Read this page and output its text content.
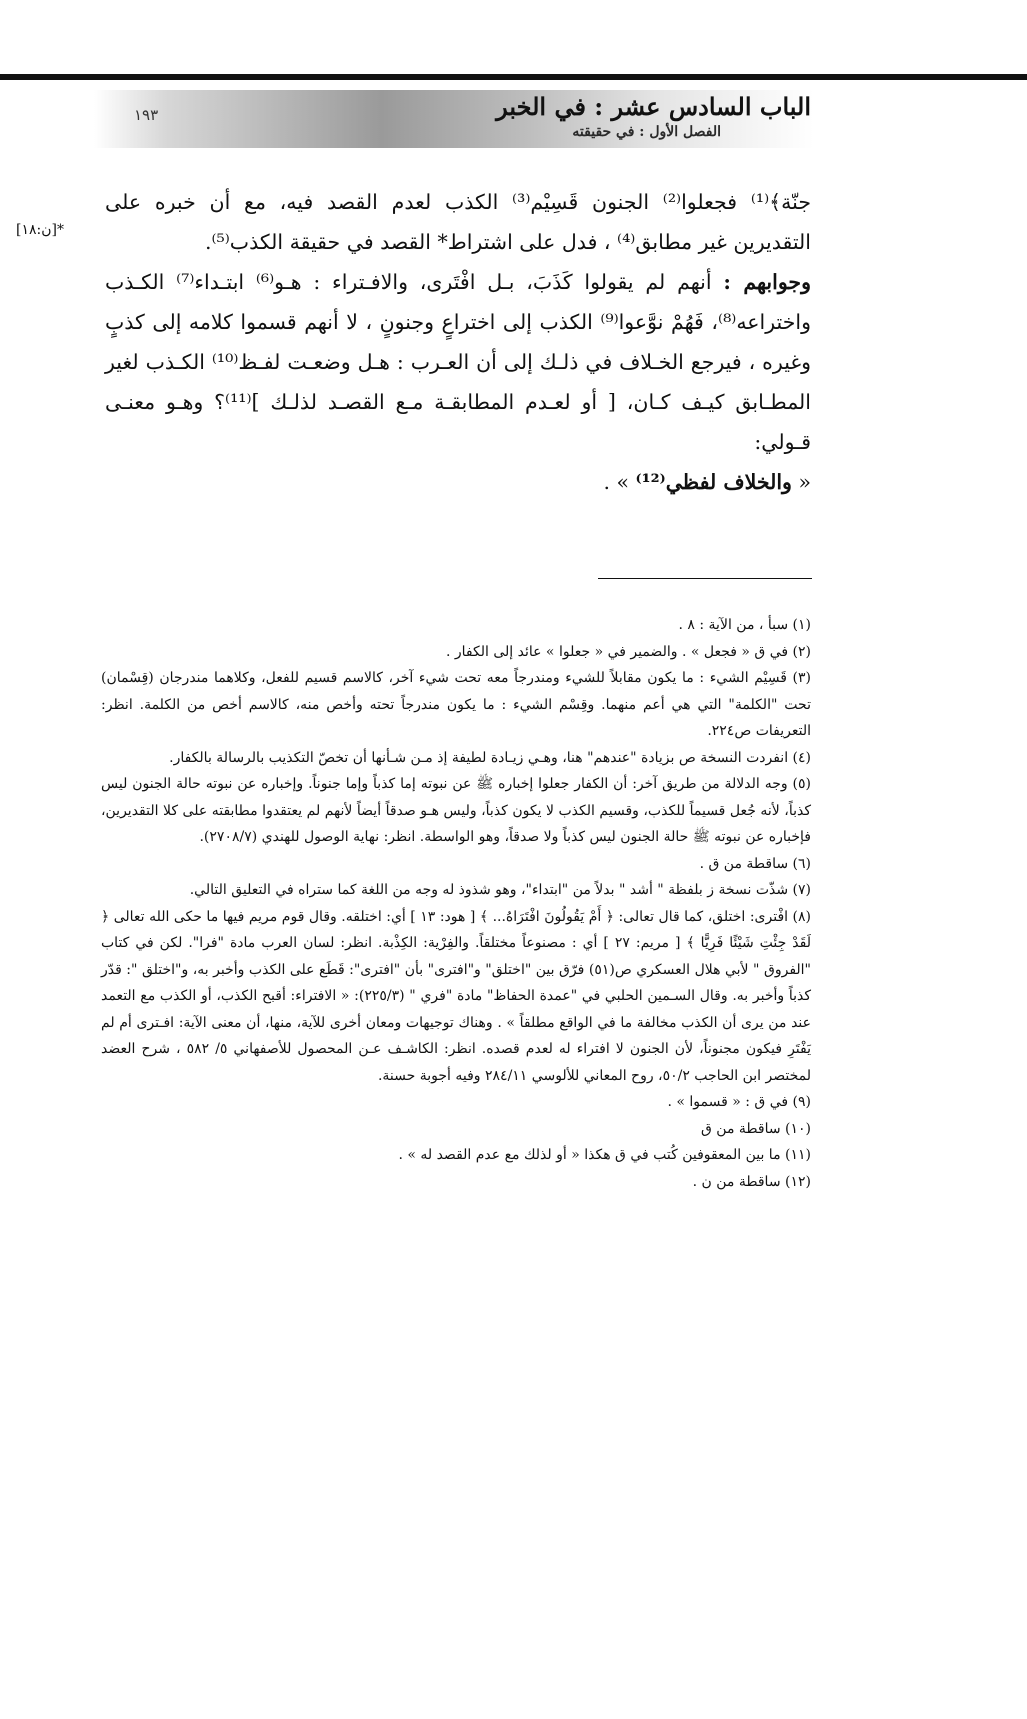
الباب السادس عشر : في الخبر
الفصل الأول : في حقيقته
١٩٣
*[ن:١٨]

جنّة﴾⁽¹⁾ فجعلوا⁽²⁾ الجنون قَسِيْم⁽³⁾ الكذب لعدم القصد فيه، مع أن خبره على التقديرين غير مطابق⁽⁴⁾ ، فدل على اشتراط* القصد في حقيقة الكذب⁽⁵⁾.

وجوابهم : أنهم لم يقولوا كَذَبَ، بـل افْتَرى، والافـتراء : هـو⁽⁶⁾ ابتـداء⁽⁷⁾ الكـذب واختراعه⁽⁸⁾، فَهُمْ نوَّعوا⁽⁹⁾ الكذب إلى اختراعٍ وجنونٍ ، لا أنهم قسموا كلامه إلى كذبٍ وغيره ، فيرجع الخـلاف في ذلـك إلى أن العـرب : هـل وضعـت لفـظ⁽¹⁰⁾ الكـذب لغير المطـابق كيـف كـان، [ أو لعـدم المطابقـة مـع القصـد لذلـك ]⁽¹¹⁾؟ وهـو معنـى قـولي:

« والخلاف لفظي⁽¹²⁾ » .

(١) سبأ ، من الآية : ٨ .

(٢) في ق « فجعل » . والضمير في « جعلوا » عائد إلى الكفار .

(٣) قَسِيْم الشيء : ما يكون مقابلاً للشيء ومندرجاً معه تحت شيء آخر، كالاسم قسيم للفعل، وكلاهما مندرجان (قِسْمان) تحت "الكلمة" التي هي أعم منهما. وقِسْم الشيء : ما يكون مندرجاً تحته وأخص منه، كالاسم أخص من الكلمة. انظر: التعريفات ص٢٢٤.

(٤) انفردت النسخة ص بزيادة "عندهم" هنا، وهـي زيـادة لطيفة إذ مـن شـأنها أن تخصّ التكذيب بالرسالة بالكفار.

(٥) وجه الدلالة من طريق آخر: أن الكفار جعلوا إخباره ﷺ عن نبوته إما كذباً وإما جنوناً. وإخباره عن نبوته حالة الجنون ليس كذباً، لأنه جُعل قسيماً للكذب، وقسيم الكذب لا يكون كذباً، وليس هـو صدقاً أيضاً لأنهم لم يعتقدوا مطابقته على كلا التقديرين، فإخباره عن نبوته ﷺ حالة الجنون ليس كذباً ولا صدقاً، وهو الواسطة. انظر: نهاية الوصول للهندي (٢٧٠٨/٧).

(٦) ساقطة من ق .

(٧) شذّت نسخة ز بلفظة " أشد " بدلاً من "ابتداء"، وهو شذوذ له وجه من اللغة كما ستراه في التعليق التالي.

(٨) افْترى: اختلق، كما قال تعالى: ﴿ أَمْ يَقُولُونَ افْتَرَاهُ... ﴾ [ هود: ١٣ ] أي: اختلقه. وقال قوم مريم فيها ما حكى الله تعالى ﴿ لَقَدْ جِئْتِ شَيْئًا فَرِيًّا ﴾ [ مريم: ٢٧ ] أي : مصنوعاً مختلقاً. والفِرْية: الكِذْبة. انظر: لسان العرب مادة "فرا". لكن في كتاب "الفروق " لأبي هلال العسكري ص(٥١) فرّق بين "اختلق" و"افترى" بأن "افترى": قَطَع على الكذب وأخبر به، و"اختلق ": قدّر كذباً وأخبر به. وقال السـمين الحلبي في "عمدة الحفاظ" مادة "فري " (٢٢٥/٣): « الافتراء: أقبح الكذب، أو الكذب مع التعمد عند من يرى أن الكذب مخالفة ما في الواقع مطلقاً » . وهناك توجيهات ومعان أخرى للآية، منها، أن معنى الآية: افـترى أم لم يَفْتَرِ فيكون مجنوناً، لأن الجنون لا افتراء له لعدم قصده. انظر: الكاشـف عـن المحصول للأصفهاني ٥/ ٥٨٢ ، شرح العضد لمختصر ابن الحاجب ٥٠/٢، روح المعاني للألوسي ٢٨٤/١١ وفيه أجوبة حسنة.

(٩) في ق : « قسموا » .

(١٠) ساقطة من ق

(١١) ما بين المعقوفين كُتب في ق هكذا « أو لذلك مع عدم القصد له » .

(١٢) ساقطة من ن .
